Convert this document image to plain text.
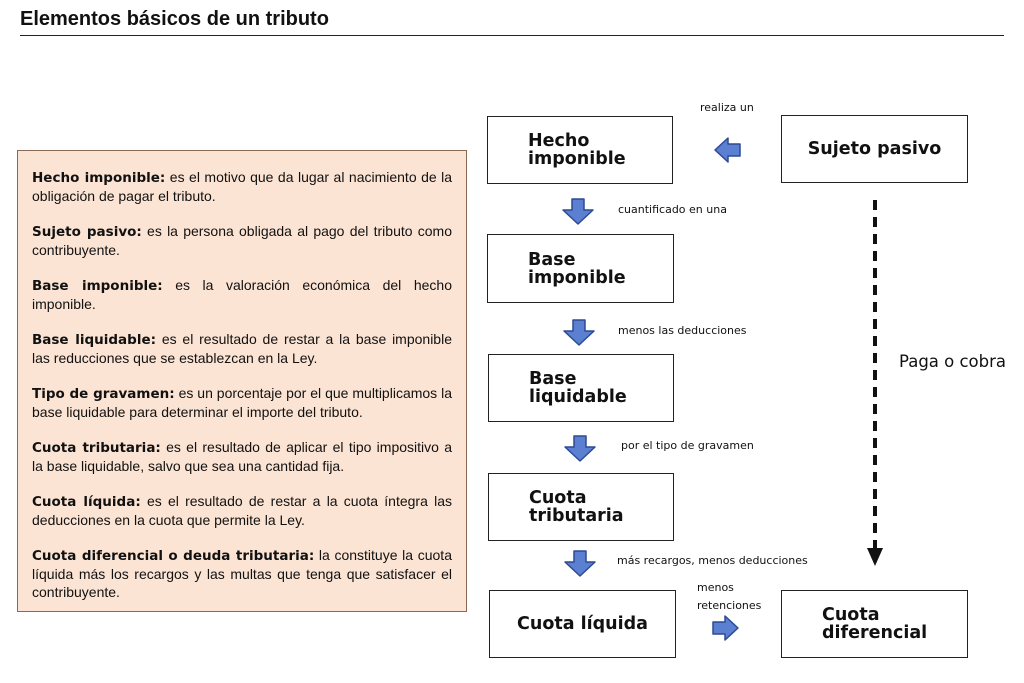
Elementos básicos de un tributo

Hecho imponible: es el motivo que da lugar al nacimiento de la obligación de pagar el tributo.

Sujeto pasivo: es la persona obligada al pago del tributo como contribuyente.

Base imponible: es la valoración económica del hecho imponible.

Base liquidable: es el resultado de restar a la base imponible las reducciones que se establezcan en la Ley.

Tipo de gravamen: es un porcentaje por el que multiplicamos la base liquidable para determinar el importe del tributo.

Cuota tributaria: es el resultado de aplicar el tipo impositivo a la base liquidable, salvo que sea una cantidad fija.

Cuota líquida: es el resultado de restar a la cuota íntegra las deducciones en la cuota que permite la Ley.

Cuota diferencial o deuda tributaria: la constituye la cuota líquida más los recargos y las multas que tenga que satisfacer el contribuyente.

Hecho
imponible	Sujeto pasivo
Base
imponible
Base
liquidable
Cuota
tributaria
Cuota líquida	Cuota
diferencial
realiza un
cuantificado en una
menos las deducciones
por el tipo de gravamen
más recargos, menos deducciones
menos
retenciones
Paga o cobra
